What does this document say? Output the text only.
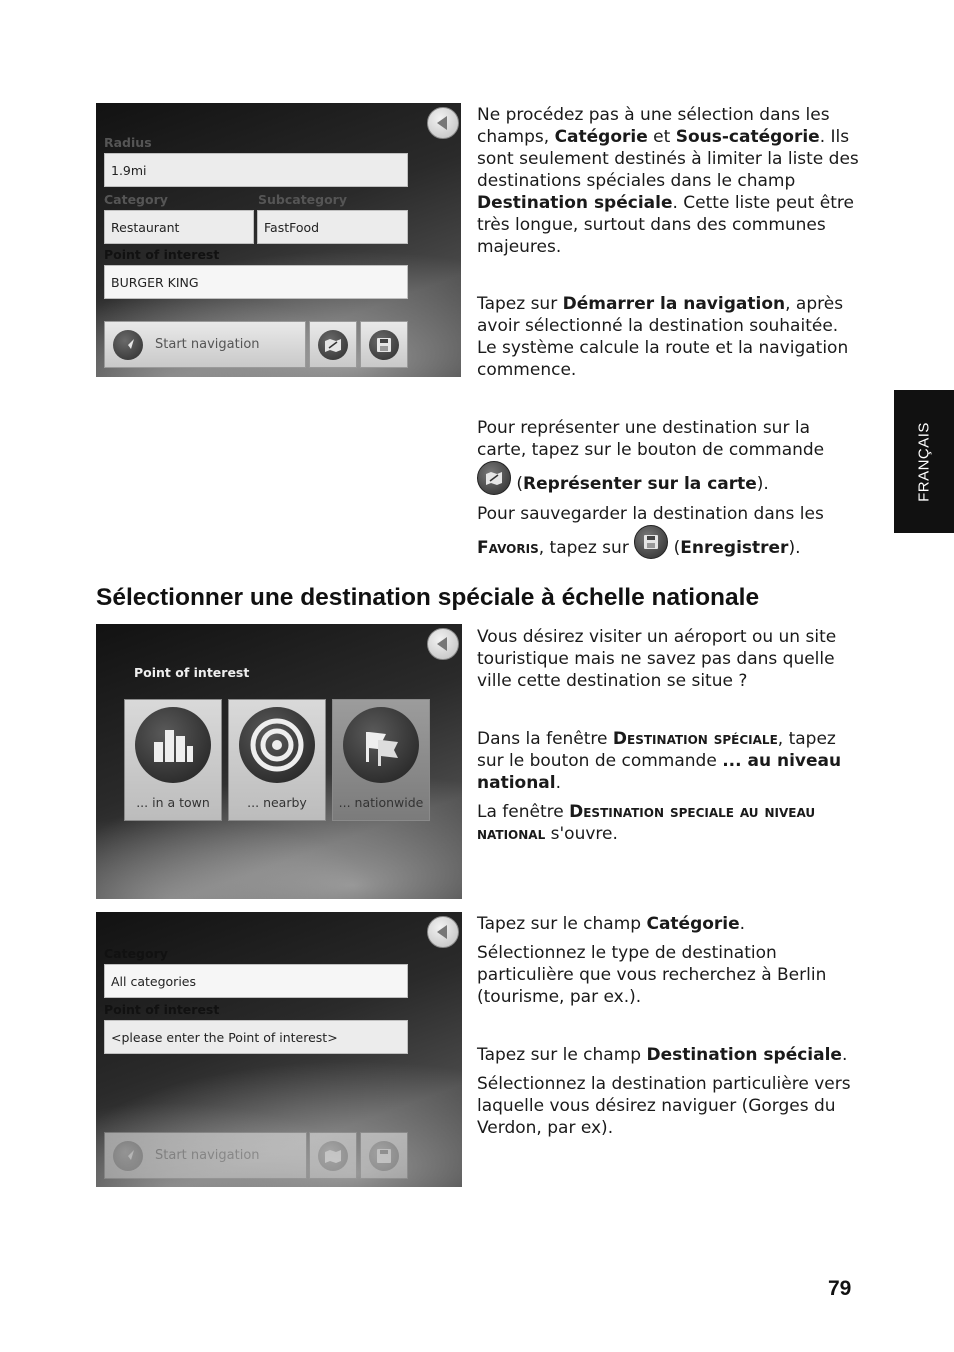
Radius
1.9mi
Category	Subcategory
Restaurant	FastFood
Point of interest
BURGER KING
Start navigation

Ne procédez pas à une sélection dans les champs, Catégorie et Sous-catégorie. Ils sont seulement destinés à limiter la liste des destinations spéciales dans le champ Destination spéciale. Cette liste peut être très longue, surtout dans des communes majeures.

Tapez sur Démarrer la navigation, après avoir sélectionné la destination souhaitée. Le système calcule la route et la navigation commence.

Pour représenter une destination sur la carte, tapez sur le bouton de commande

(Représenter sur la carte).

Pour sauvegarder la destination dans les
Favoris, tapez sur
(Enregistrer).

FRANÇAIS
Sélectionner une destination spéciale à échelle nationale
Point of interest
... in a town	... nearby	... nationwide

Vous désirez visiter un aéroport ou un site touristique mais ne savez pas dans quelle ville cette destination se situe ?

Dans la fenêtre Destination spéciale, tapez sur le bouton de commande ... au niveau national.

La fenêtre Destination speciale au niveau national s'ouvre.

Category
All categories
Point of interest
<please enter the Point of interest>
Start navigation

Tapez sur le champ Catégorie.

Sélectionnez le type de destination particulière que vous recherchez à Berlin (tourisme, par ex.).

Tapez sur le champ Destination spéciale.

Sélectionnez la destination particulière vers laquelle vous désirez naviguer (Gorges du Verdon, par ex).

79
